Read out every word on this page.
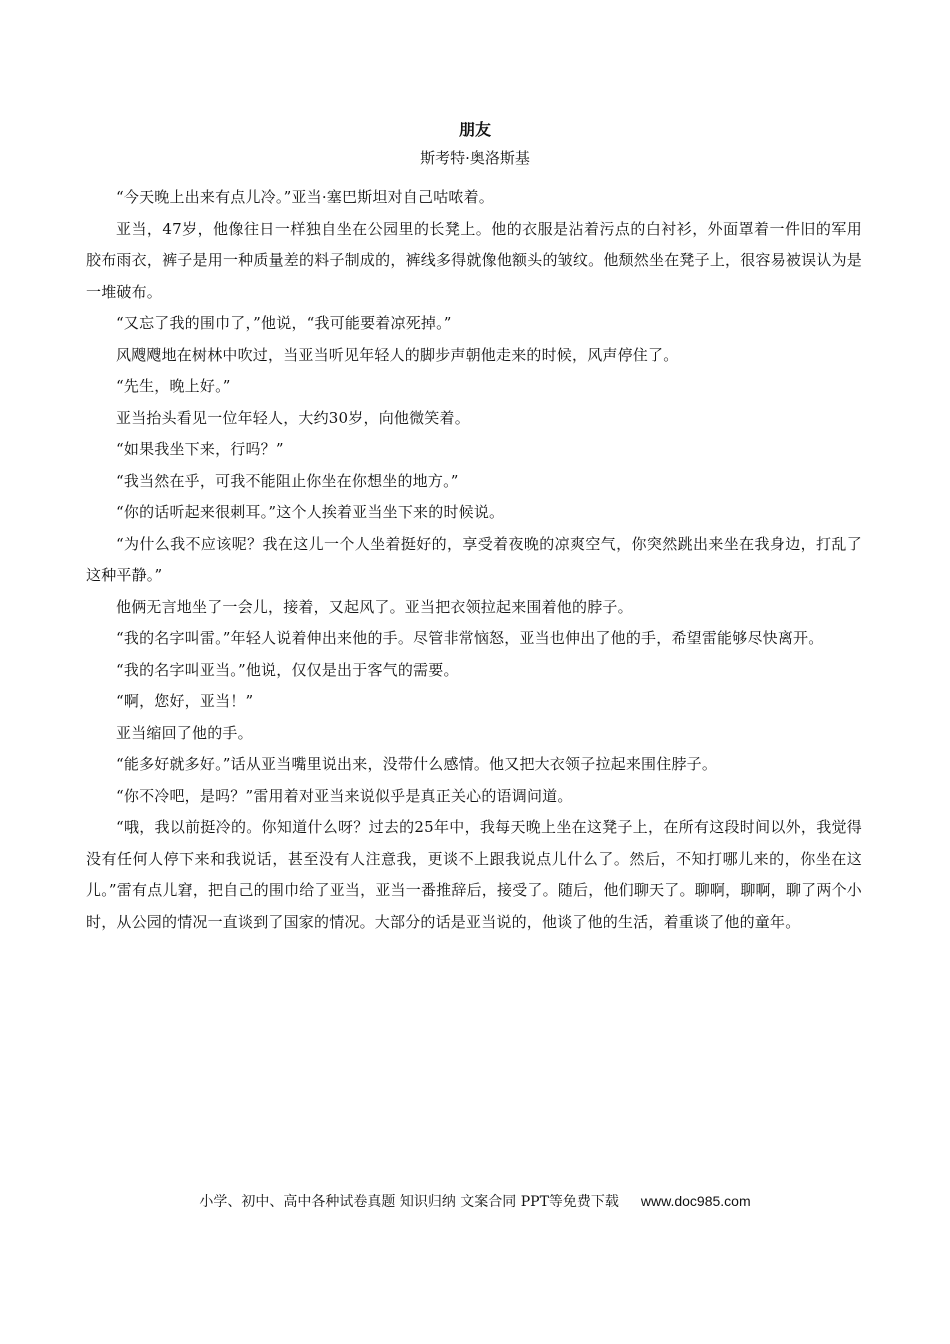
朋友
斯考特·奥洛斯基

“今天晚上出来有点儿冷。”亚当·塞巴斯坦对自己咕哝着。

亚当，47岁，他像往日一样独自坐在公园里的长凳上。他的衣服是沾着污点的白衬衫，外面罩着一件旧的军用胶布雨衣，裤子是用一种质量差的料子制成的，裤线多得就像他额头的皱纹。他颓然坐在凳子上，很容易被误认为是一堆破布。

“又忘了我的围巾了，”他说，“我可能要着凉死掉。”

风飕飕地在树林中吹过，当亚当听见年轻人的脚步声朝他走来的时候，风声停住了。

“先生，晚上好。”

亚当抬头看见一位年轻人，大约30岁，向他微笑着。

“如果我坐下来，行吗？”

“我当然在乎，可我不能阻止你坐在你想坐的地方。”

“你的话听起来很刺耳。”这个人挨着亚当坐下来的时候说。

“为什么我不应该呢？我在这儿一个人坐着挺好的，享受着夜晚的凉爽空气，你突然跳出来坐在我身边，打乱了这种平静。”

他俩无言地坐了一会儿，接着，又起风了。亚当把衣领拉起来围着他的脖子。

“我的名字叫雷。”年轻人说着伸出来他的手。尽管非常恼怒，亚当也伸出了他的手，希望雷能够尽快离开。

“我的名字叫亚当。”他说，仅仅是出于客气的需要。

“啊，您好，亚当！”

亚当缩回了他的手。

“能多好就多好。”话从亚当嘴里说出来，没带什么感情。他又把大衣领子拉起来围住脖子。

“你不冷吧，是吗？”雷用着对亚当来说似乎是真正关心的语调问道。

“哦，我以前挺冷的。你知道什么呀？过去的25年中，我每天晚上坐在这凳子上，在所有这段时间以外，我觉得没有任何人停下来和我说话，甚至没有人注意我，更谈不上跟我说点儿什么了。然后，不知打哪儿来的，你坐在这儿。”雷有点儿窘，把自己的围巾给了亚当，亚当一番推辞后，接受了。随后，他们聊天了。聊啊，聊啊，聊了两个小时，从公园的情况一直谈到了国家的情况。大部分的话是亚当说的，他谈了他的生活，着重谈了他的童年。

小学、初中、高中各种试卷真题 知识归纳 文案合同 PPT等免费下载 www.doc985.com
